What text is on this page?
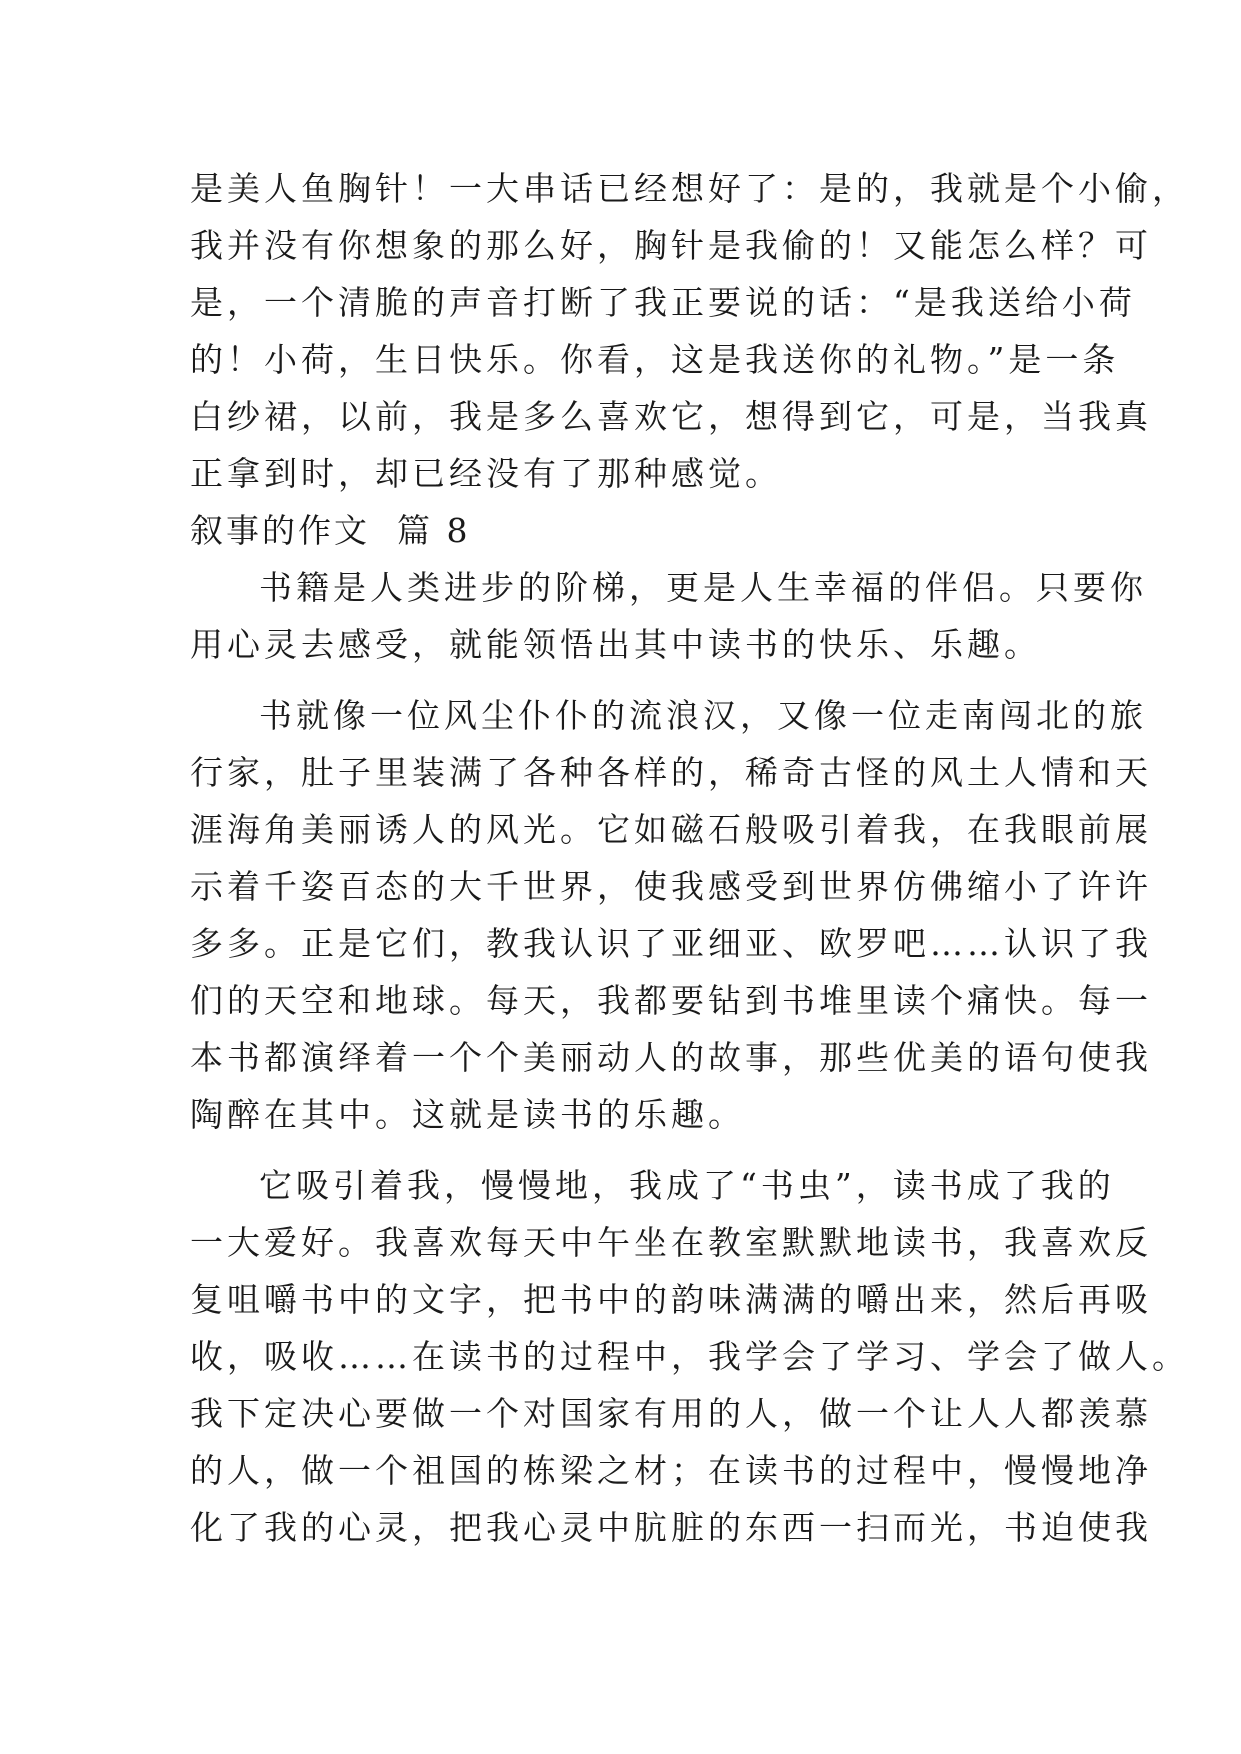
是美人鱼胸针！一大串话已经想好了：是的，我就是个小偷，
我并没有你想象的那么好，胸针是我偷的！又能怎么样？可
是，一个清脆的声音打断了我正要说的话：“是我送给小荷
的！小荷，生日快乐。你看，这是我送你的礼物。”是一条
白纱裙，以前，我是多么喜欢它，想得到它，可是，当我真
正拿到时，却已经没有了那种感觉。
叙事的作文  篇 8
书籍是人类进步的阶梯，更是人生幸福的伴侣。只要你
用心灵去感受，就能领悟出其中读书的快乐、乐趣。
书就像一位风尘仆仆的流浪汉，又像一位走南闯北的旅
行家，肚子里装满了各种各样的，稀奇古怪的风土人情和天
涯海角美丽诱人的风光。它如磁石般吸引着我，在我眼前展
示着千姿百态的大千世界，使我感受到世界仿佛缩小了许许
多多。正是它们，教我认识了亚细亚、欧罗吧……认识了我
们的天空和地球。每天，我都要钻到书堆里读个痛快。每一
本书都演绎着一个个美丽动人的故事，那些优美的语句使我
陶醉在其中。这就是读书的乐趣。
它吸引着我，慢慢地，我成了“书虫”，读书成了我的
一大爱好。我喜欢每天中午坐在教室默默地读书，我喜欢反
复咀嚼书中的文字，把书中的韵味满满的嚼出来，然后再吸
收，吸收……在读书的过程中，我学会了学习、学会了做人。
我下定决心要做一个对国家有用的人，做一个让人人都羡慕
的人，做一个祖国的栋梁之材；在读书的过程中，慢慢地净
化了我的心灵，把我心灵中肮脏的东西一扫而光，书迫使我
